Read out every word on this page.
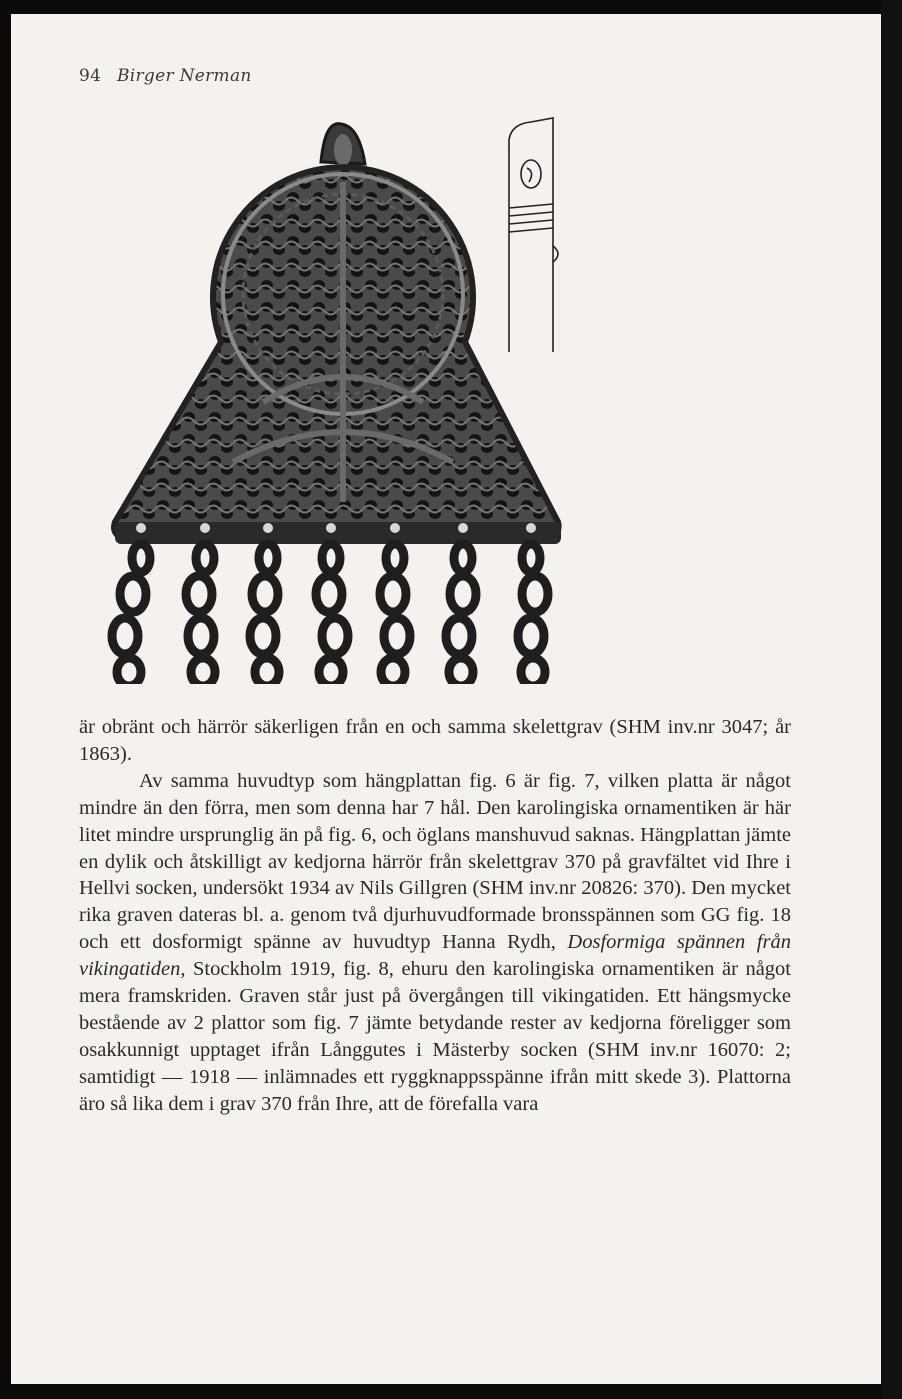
94 Birger Nerman

är obränt och härrör säkerligen från en och samma skelettgrav (SHM inv.nr 3047; år 1863).

Av samma huvudtyp som hängplattan fig. 6 är fig. 7, vilken platta är något mindre än den förra, men som denna har 7 hål. Den karolingiska ornamentiken är här litet mindre ursprunglig än på fig. 6, och öglans manshuvud saknas. Hängplattan jämte en dylik och åtskilligt av kedjorna härrör från skelettgrav 370 på gravfältet vid Ihre i Hellvi socken, undersökt 1934 av Nils Gillgren (SHM inv.nr 20826: 370). Den mycket rika graven dateras bl. a. genom två djurhuvudformade bronsspännen som GG fig. 18 och ett dosformigt spänne av huvudtyp Hanna Rydh, Dosformiga spännen från vikingatiden, Stockholm 1919, fig. 8, ehuru den karolingiska ornamentiken är något mera framskriden. Graven står just på övergången till vikingatiden. Ett hängsmycke bestående av 2 plattor som fig. 7 jämte betydande rester av kedjorna föreligger som osakkunnigt upptaget ifrån Långgutes i Mästerby socken (SHM inv.nr 16070: 2; samtidigt — 1918 — inlämnades ett ryggknappsspänne ifrån mitt skede 3). Plattorna äro så lika dem i grav 370 från Ihre, att de förefalla vara
